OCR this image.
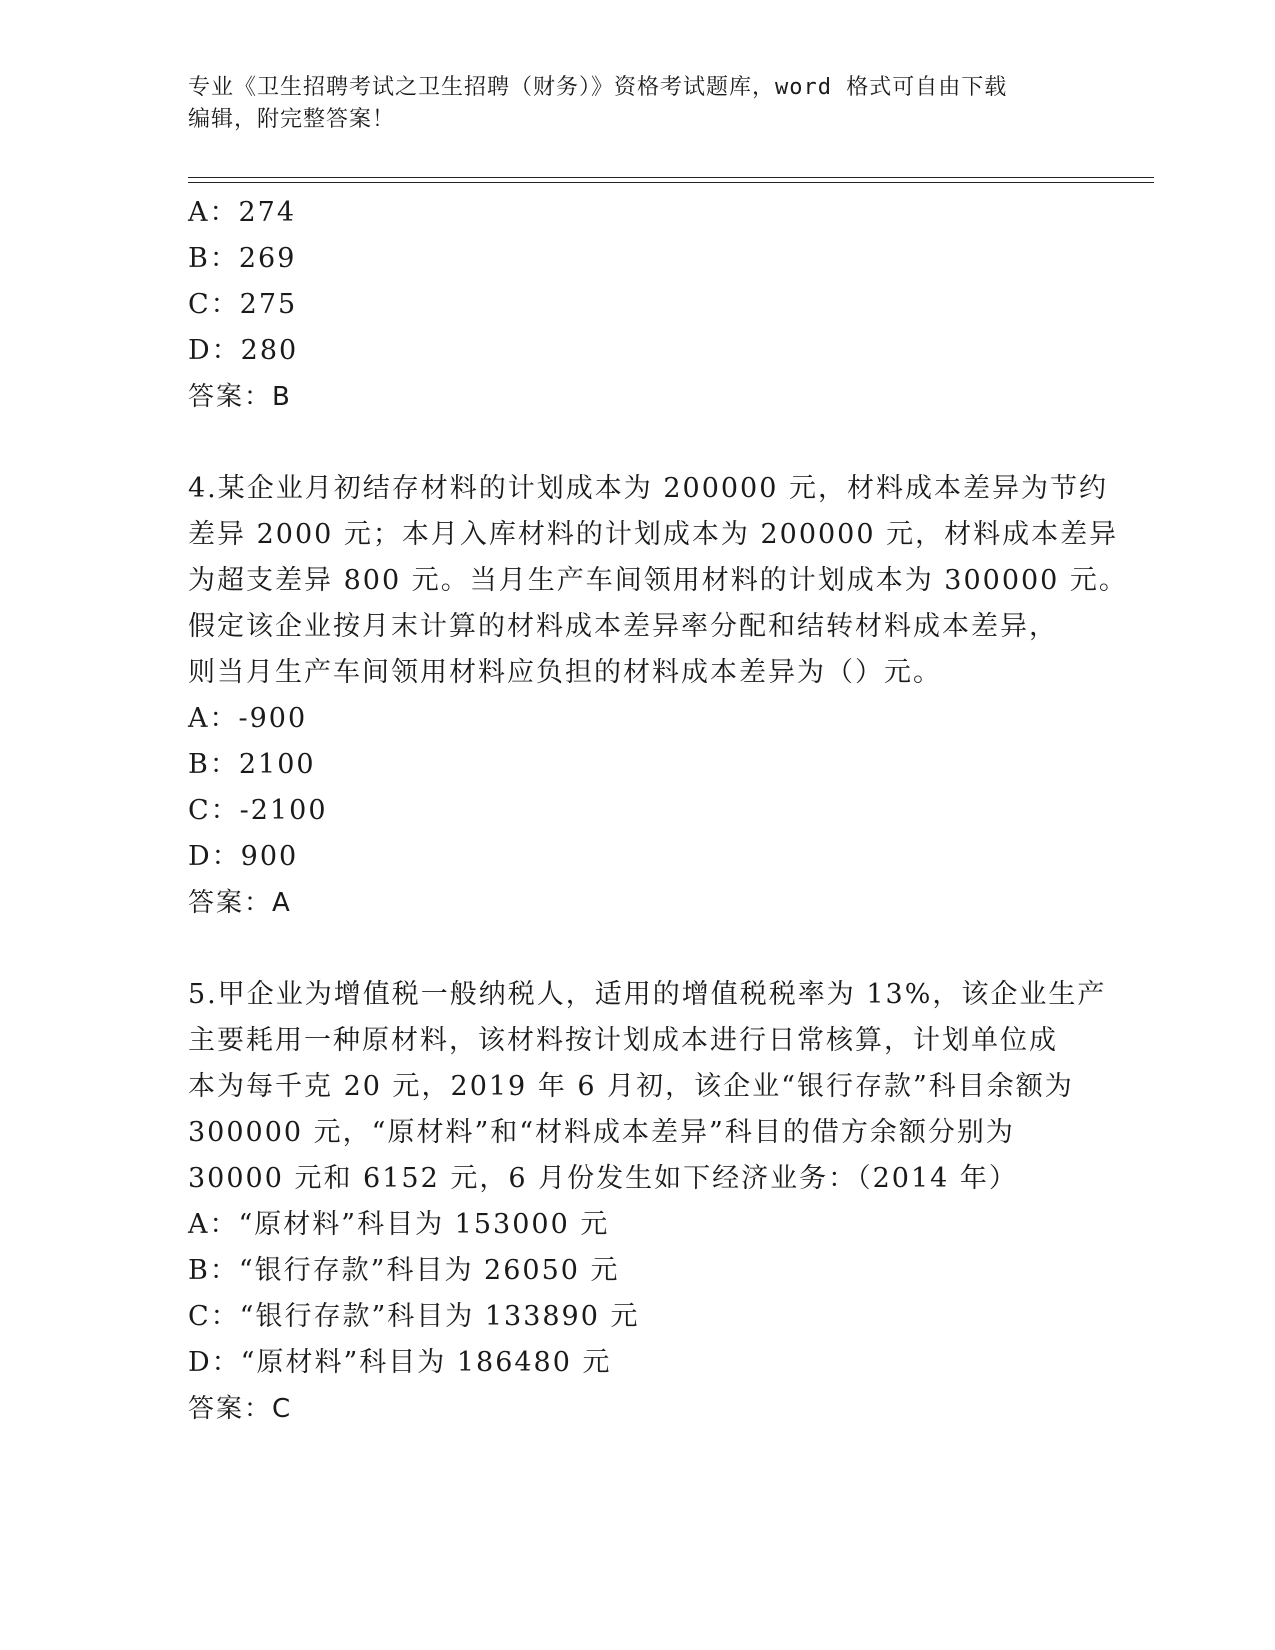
专业《卫生招聘考试之卫生招聘（财务）》资格考试题库，word 格式可自由下载
编辑，附完整答案！
A：274
B：269
C：275
D：280
答案：B
4.某企业月初结存材料的计划成本为 200000 元，材料成本差异为节约
差异 2000 元；本月入库材料的计划成本为 200000 元，材料成本差异
为超支差异 800 元。当月生产车间领用材料的计划成本为 300000 元。
假定该企业按月末计算的材料成本差异率分配和结转材料成本差异，
则当月生产车间领用材料应负担的材料成本差异为（）元。
A：-900
B：2100
C：-2100
D：900
答案：A
5.甲企业为增值税一般纳税人，适用的增值税税率为 13%，该企业生产
主要耗用一种原材料，该材料按计划成本进行日常核算，计划单位成
本为每千克 20 元，2019 年 6 月初，该企业“银行存款”科目余额为
300000 元，“原材料”和“材料成本差异”科目的借方余额分别为
30000 元和 6152 元，6 月份发生如下经济业务：（2014 年）
A：“原材料”科目为 153000 元
B：“银行存款”科目为 26050 元
C：“银行存款”科目为 133890 元
D：“原材料”科目为 186480 元
答案：C
